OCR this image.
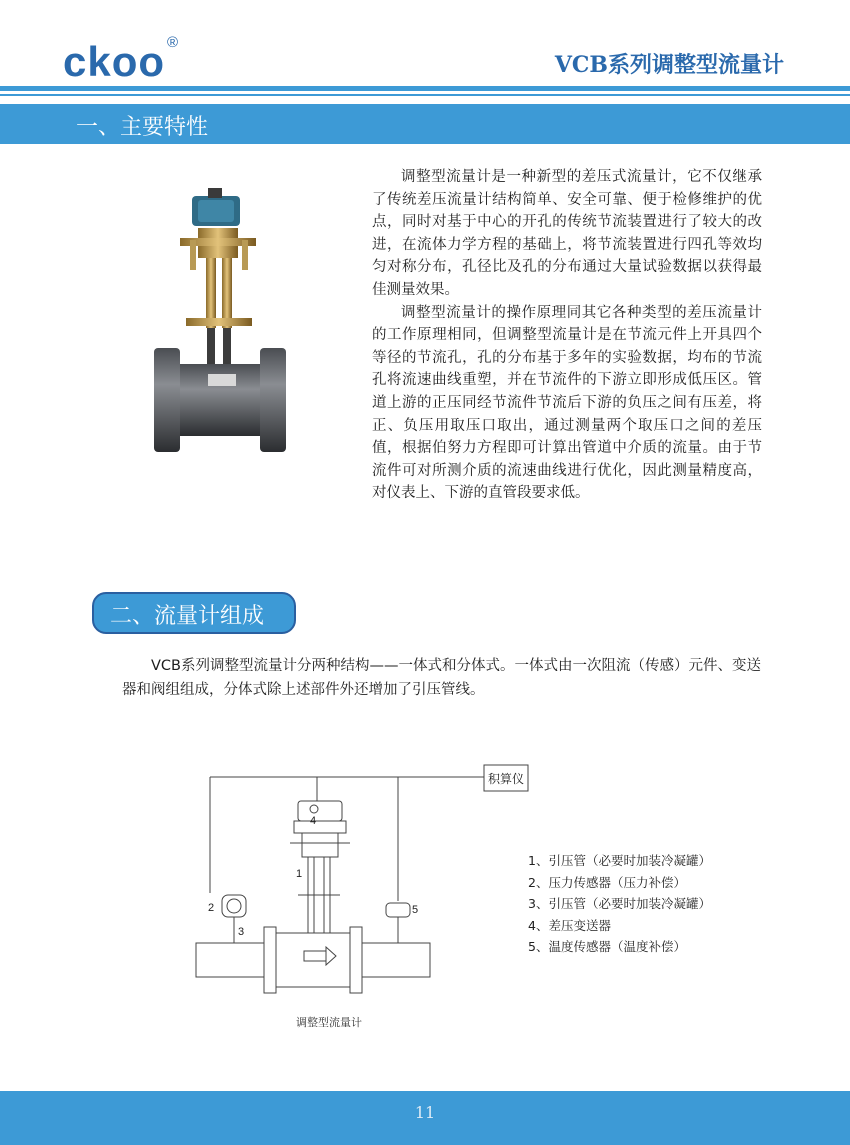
ckoo ®
VCB系列调整型流量计
一、主要特性

调整型流量计是一种新型的差压式流量计，它不仅继承了传统差压流量计结构简单、安全可靠、便于检修维护的优点，同时对基于中心的开孔的传统节流装置进行了较大的改进，在流体力学方程的基础上，将节流装置进行四孔等效均匀对称分布，孔径比及孔的分布通过大量试验数据以获得最佳测量效果。

调整型流量计的操作原理同其它各种类型的差压流量计的工作原理相同，但调整型流量计是在节流元件上开具四个等径的节流孔，孔的分布基于多年的实验数据，均布的节流孔将流速曲线重塑，并在节流件的下游立即形成低压区。管道上游的正压同经节流件节流后下游的负压之间有压差，将正、负压用取压口取出，通过测量两个取压口之间的差压值，根据伯努力方程即可计算出管道中介质的流量。由于节流件可对所测介质的流速曲线进行优化，因此测量精度高，对仪表上、下游的直管段要求低。

二、流量计组成

VCB系列调整型流量计分两种结构——一体式和分体式。一体式由一次阻流（传感）元件、变送器和阀组组成，分体式除上述部件外还增加了引压管线。

积算仪
1
2
3
4
5
1、引压管（必要时加装冷凝罐）
2、压力传感器（压力补偿）
3、引压管（必要时加装冷凝罐）
4、差压变送器
5、温度传感器（温度补偿）
调整型流量计
11
